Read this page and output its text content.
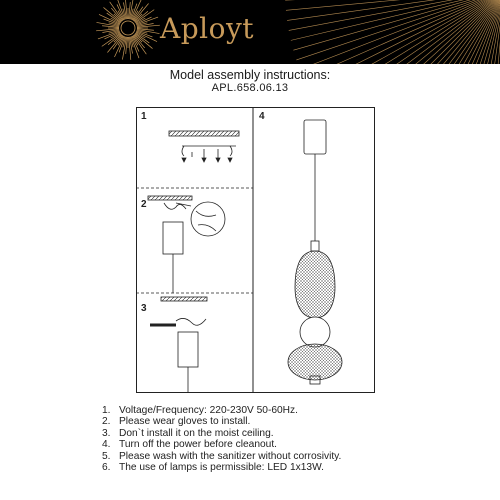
Aployt
Model assembly instructions:
APL.658.06.13
1
2
3
4
1. Voltage/Frequency: 220-230V 50-60Hz.
2. Please wear gloves to install.
3. Don`t install it on the moist ceiling.
4. Turn off the power before cleanout.
5. Please wash with the sanitizer without corrosivity.
6. The use of lamps is permissible: LED 1x13W.
